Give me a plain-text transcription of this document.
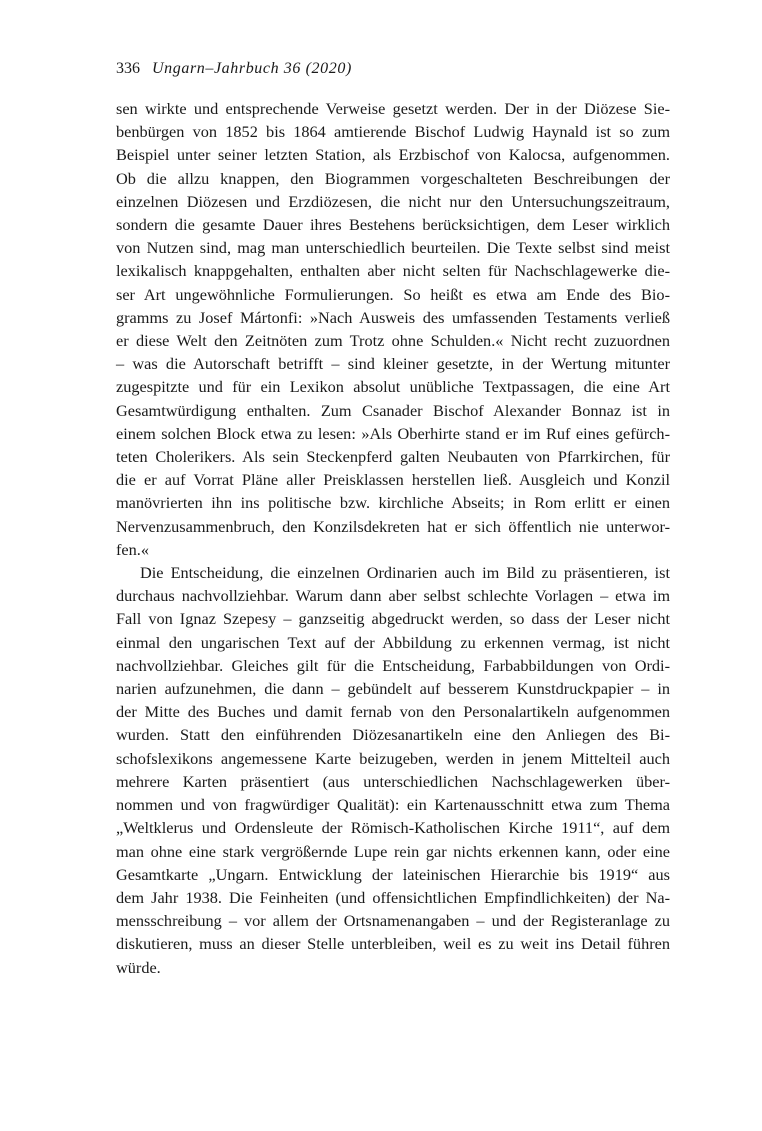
336 Ungarn–Jahrbuch 36 (2020)
sen wirkte und entsprechende Verweise gesetzt werden. Der in der Diözese Sie-
benbürgen von 1852 bis 1864 amtierende Bischof Ludwig Haynald ist so zum
Beispiel unter seiner letzten Station, als Erzbischof von Kalocsa, aufgenommen.
Ob die allzu knappen, den Biogrammen vorgeschalteten Beschreibungen der
einzelnen Diözesen und Erzdiözesen, die nicht nur den Untersuchungszeitraum,
sondern die gesamte Dauer ihres Bestehens berücksichtigen, dem Leser wirklich
von Nutzen sind, mag man unterschiedlich beurteilen. Die Texte selbst sind meist
lexikalisch knappgehalten, enthalten aber nicht selten für Nachschlagewerke die-
ser Art ungewöhnliche Formulierungen. So heißt es etwa am Ende des Bio-
gramms zu Josef Mártonfi: »Nach Ausweis des umfassenden Testaments verließ
er diese Welt den Zeitnöten zum Trotz ohne Schulden.« Nicht recht zuzuordnen
– was die Autorschaft betrifft – sind kleiner gesetzte, in der Wertung mitunter
zugespitzte und für ein Lexikon absolut unübliche Textpassagen, die eine Art
Gesamtwürdigung enthalten. Zum Csanader Bischof Alexander Bonnaz ist in
einem solchen Block etwa zu lesen: »Als Oberhirte stand er im Ruf eines gefürch-
teten Cholerikers. Als sein Steckenpferd galten Neubauten von Pfarrkirchen, für
die er auf Vorrat Pläne aller Preisklassen herstellen ließ. Ausgleich und Konzil
manövrierten ihn ins politische bzw. kirchliche Abseits; in Rom erlitt er einen
Nervenzusammenbruch, den Konzilsdekreten hat er sich öffentlich nie unterwor-
fen.«
Die Entscheidung, die einzelnen Ordinarien auch im Bild zu präsentieren, ist
durchaus nachvollziehbar. Warum dann aber selbst schlechte Vorlagen – etwa im
Fall von Ignaz Szepesy – ganzseitig abgedruckt werden, so dass der Leser nicht
einmal den ungarischen Text auf der Abbildung zu erkennen vermag, ist nicht
nachvollziehbar. Gleiches gilt für die Entscheidung, Farbabbildungen von Ordi-
narien aufzunehmen, die dann – gebündelt auf besserem Kunstdruckpapier – in
der Mitte des Buches und damit fernab von den Personalartikeln aufgenommen
wurden. Statt den einführenden Diözesanartikeln eine den Anliegen des Bi-
schofslexikons angemessene Karte beizugeben, werden in jenem Mittelteil auch
mehrere Karten präsentiert (aus unterschiedlichen Nachschlagewerken über-
nommen und von fragwürdiger Qualität): ein Kartenausschnitt etwa zum Thema
„Weltklerus und Ordensleute der Römisch-Katholischen Kirche 1911“, auf dem
man ohne eine stark vergrößernde Lupe rein gar nichts erkennen kann, oder eine
Gesamtkarte „Ungarn. Entwicklung der lateinischen Hierarchie bis 1919“ aus
dem Jahr 1938. Die Feinheiten (und offensichtlichen Empfindlichkeiten) der Na-
mensschreibung – vor allem der Ortsnamenangaben – und der Registeranlage zu
diskutieren, muss an dieser Stelle unterbleiben, weil es zu weit ins Detail führen
würde.
